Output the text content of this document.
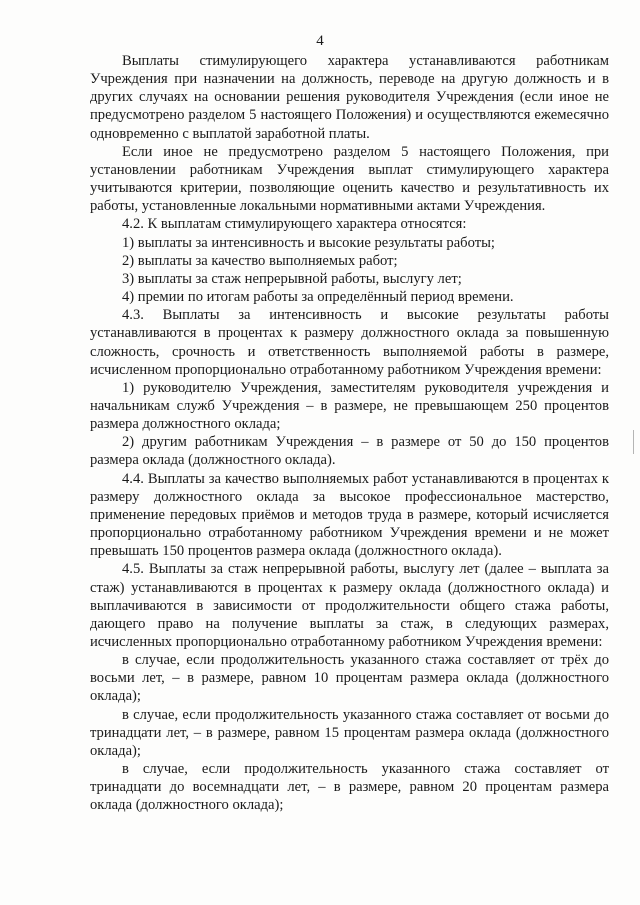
4

Выплаты стимулирующего характера устанавливаются работникам Учреждения при назначении на должность, переводе на другую должность и в других случаях на основании решения руководителя Учреждения (если иное не предусмотрено разделом 5 настоящего Положения) и осуществляются ежемесячно одновременно с выплатой заработной платы.

Если иное не предусмотрено разделом 5 настоящего Положения, при установлении работникам Учреждения выплат стимулирующего характера учитываются критерии, позволяющие оценить качество и результативность их работы, установленные локальными нормативными актами Учреждения.

4.2. К выплатам стимулирующего характера относятся:

1) выплаты за интенсивность и высокие результаты работы;

2) выплаты за качество выполняемых работ;

3) выплаты за стаж непрерывной работы, выслугу лет;

4) премии по итогам работы за определённый период времени.

4.3. Выплаты за интенсивность и высокие результаты работы устанавливаются в процентах к размеру должностного оклада за повышенную сложность, срочность и ответственность выполняемой работы в размере, исчисленном пропорционально отработанному работником Учреждения времени:

1) руководителю Учреждения, заместителям руководителя учреждения и начальникам служб Учреждения – в размере, не превышающем 250 процентов размера должностного оклада;

2) другим работникам Учреждения – в размере от 50 до 150 процентов размера оклада (должностного оклада).

4.4. Выплаты за качество выполняемых работ устанавливаются в процентах к размеру должностного оклада за высокое профессиональное мастерство, применение передовых приёмов и методов труда в размере, который исчисляется пропорционально отработанному работником Учреждения времени и не может превышать 150 процентов размера оклада (должностного оклада).

4.5. Выплаты за стаж непрерывной работы, выслугу лет (далее – выплата за стаж) устанавливаются в процентах к размеру оклада (должностного оклада) и выплачиваются в зависимости от продолжительности общего стажа работы, дающего право на получение выплаты за стаж, в следующих размерах, исчисленных пропорционально отработанному работником Учреждения времени:

в случае, если продолжительность указанного стажа составляет от трёх до восьми лет, – в размере, равном 10 процентам размера оклада (должностного оклада);

в случае, если продолжительность указанного стажа составляет от восьми до тринадцати лет, – в размере, равном 15 процентам размера оклада (должностного оклада);

в случае, если продолжительность указанного стажа составляет от тринадцати до восемнадцати лет, – в размере, равном 20 процентам размера оклада (должностного оклада);
